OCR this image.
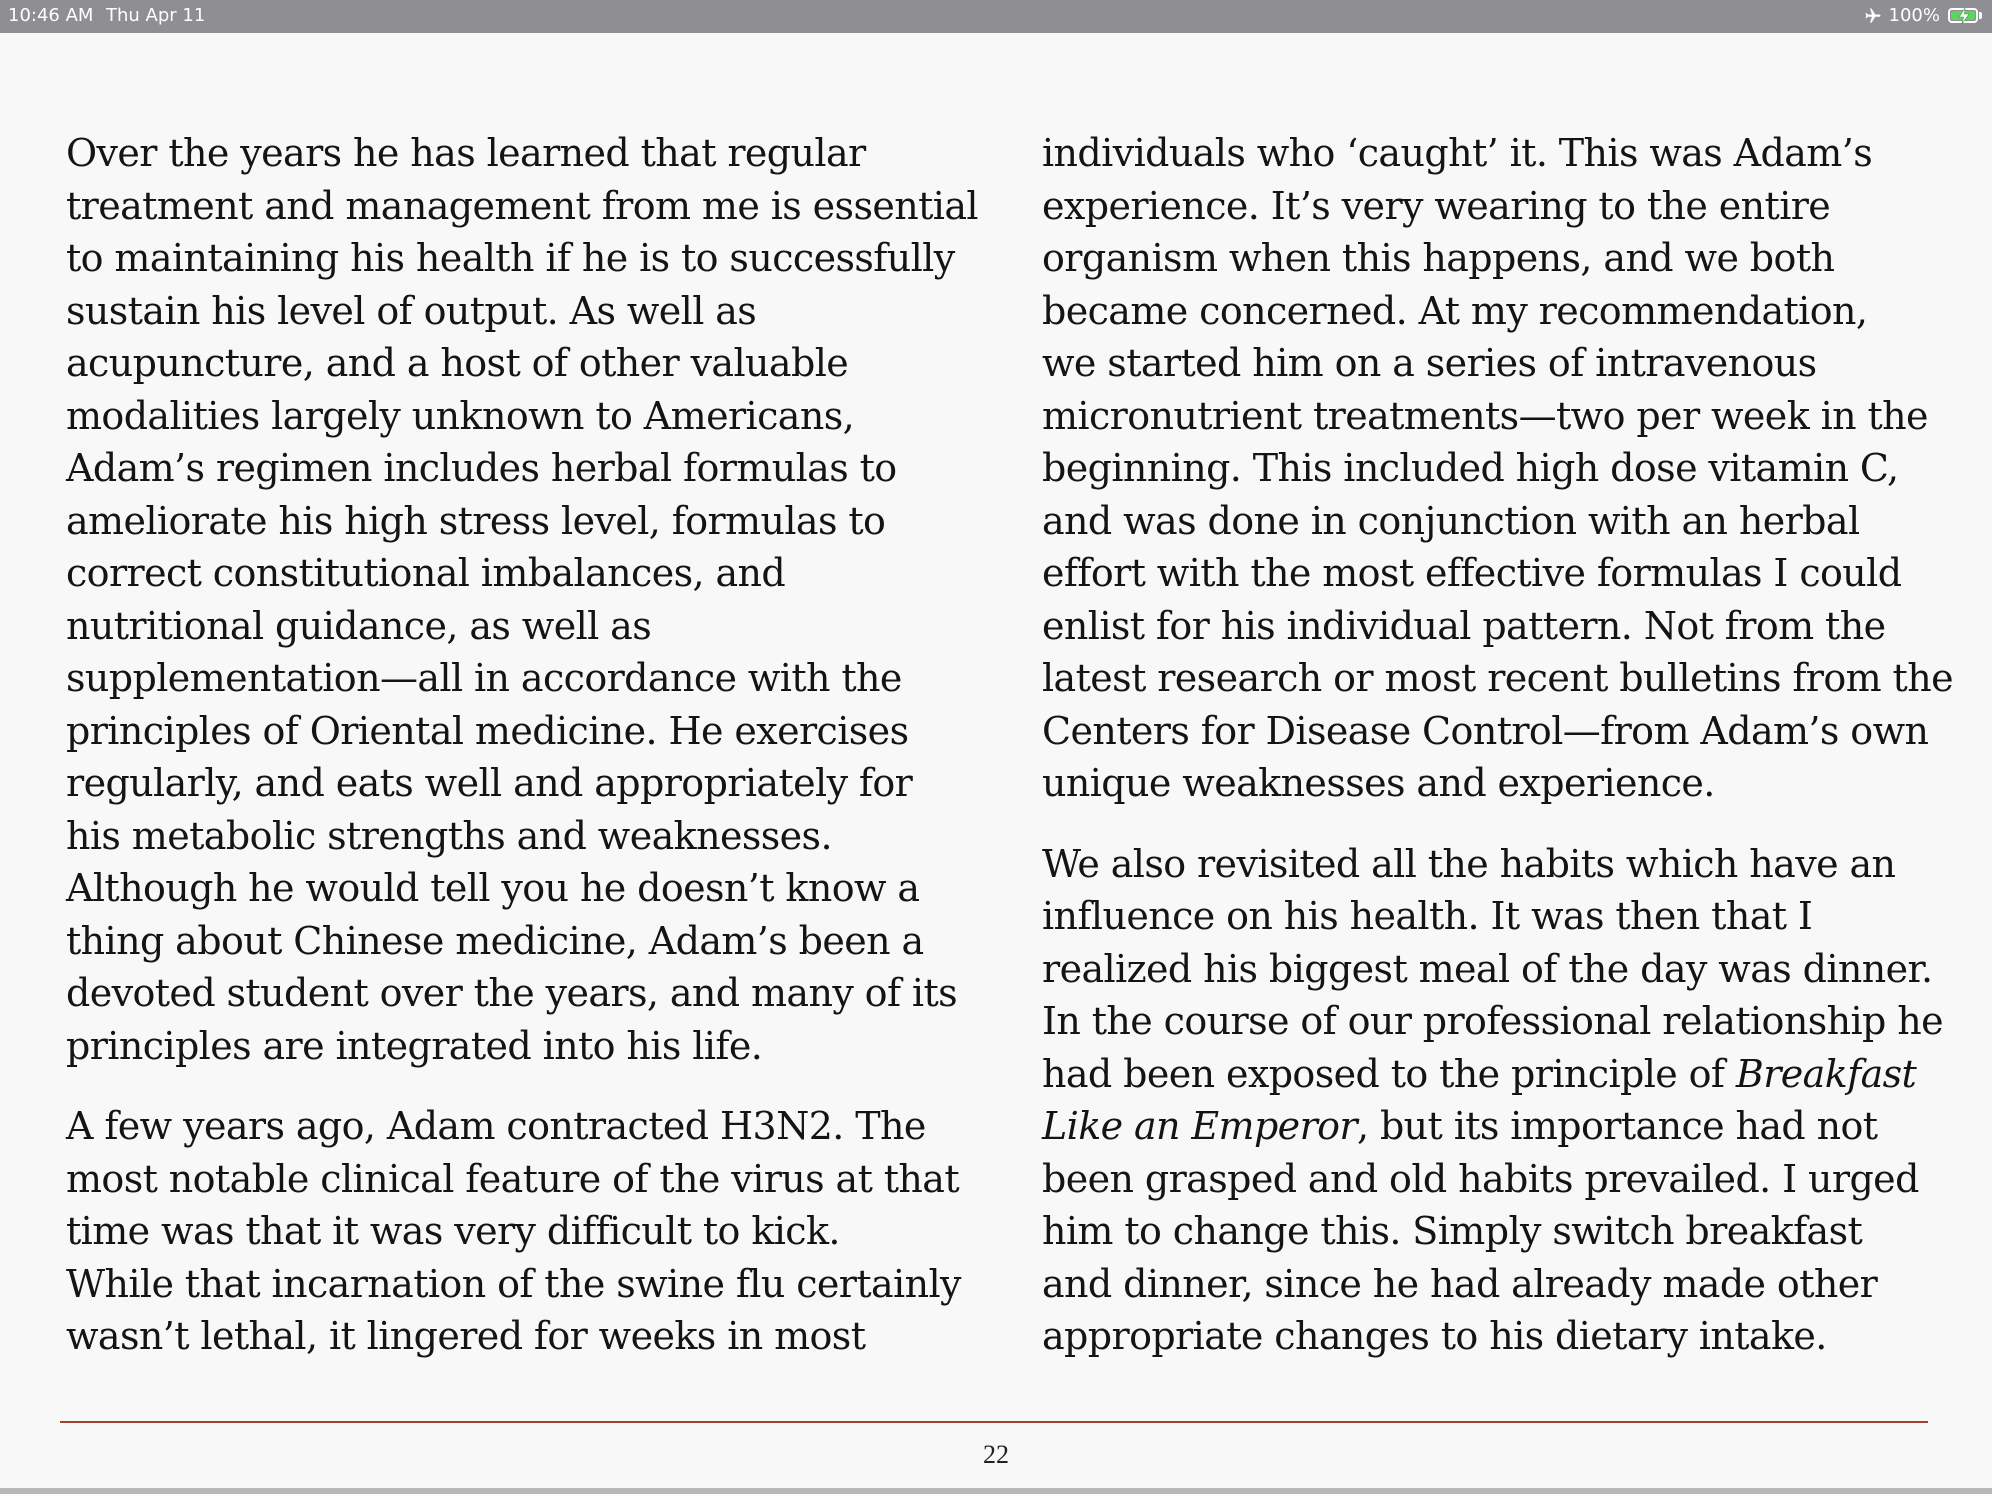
10:46 AM Thu Apr 11	100%

Over the years he has learned that regular
treatment and management from me is essential
to maintaining his health if he is to successfully
sustain his level of output. As well as
acupuncture, and a host of other valuable
modalities largely unknown to Americans,
Adam’s regimen includes herbal formulas to
ameliorate his high stress level, formulas to
correct constitutional imbalances, and
nutritional guidance, as well as
supplementation—all in accordance with the
principles of Oriental medicine. He exercises
regularly, and eats well and appropriately for
his metabolic strengths and weaknesses.
Although he would tell you he doesn’t know a
thing about Chinese medicine, Adam’s been a
devoted student over the years, and many of its
principles are integrated into his life.

A few years ago, Adam contracted H3N2. The
most notable clinical feature of the virus at that
time was that it was very difficult to kick.
While that incarnation of the swine flu certainly
wasn’t lethal, it lingered for weeks in most

individuals who ‘caught’ it. This was Adam’s
experience. It’s very wearing to the entire
organism when this happens, and we both
became concerned. At my recommendation,
we started him on a series of intravenous
micronutrient treatments—two per week in the
beginning. This included high dose vitamin C,
and was done in conjunction with an herbal
effort with the most effective formulas I could
enlist for his individual pattern. Not from the
latest research or most recent bulletins from the
Centers for Disease Control—from Adam’s own
unique weaknesses and experience.

We also revisited all the habits which have an
influence on his health. It was then that I
realized his biggest meal of the day was dinner.
In the course of our professional relationship he
had been exposed to the principle of Breakfast
Like an Emperor, but its importance had not
been grasped and old habits prevailed. I urged
him to change this. Simply switch breakfast
and dinner, since he had already made other
appropriate changes to his dietary intake.

22
